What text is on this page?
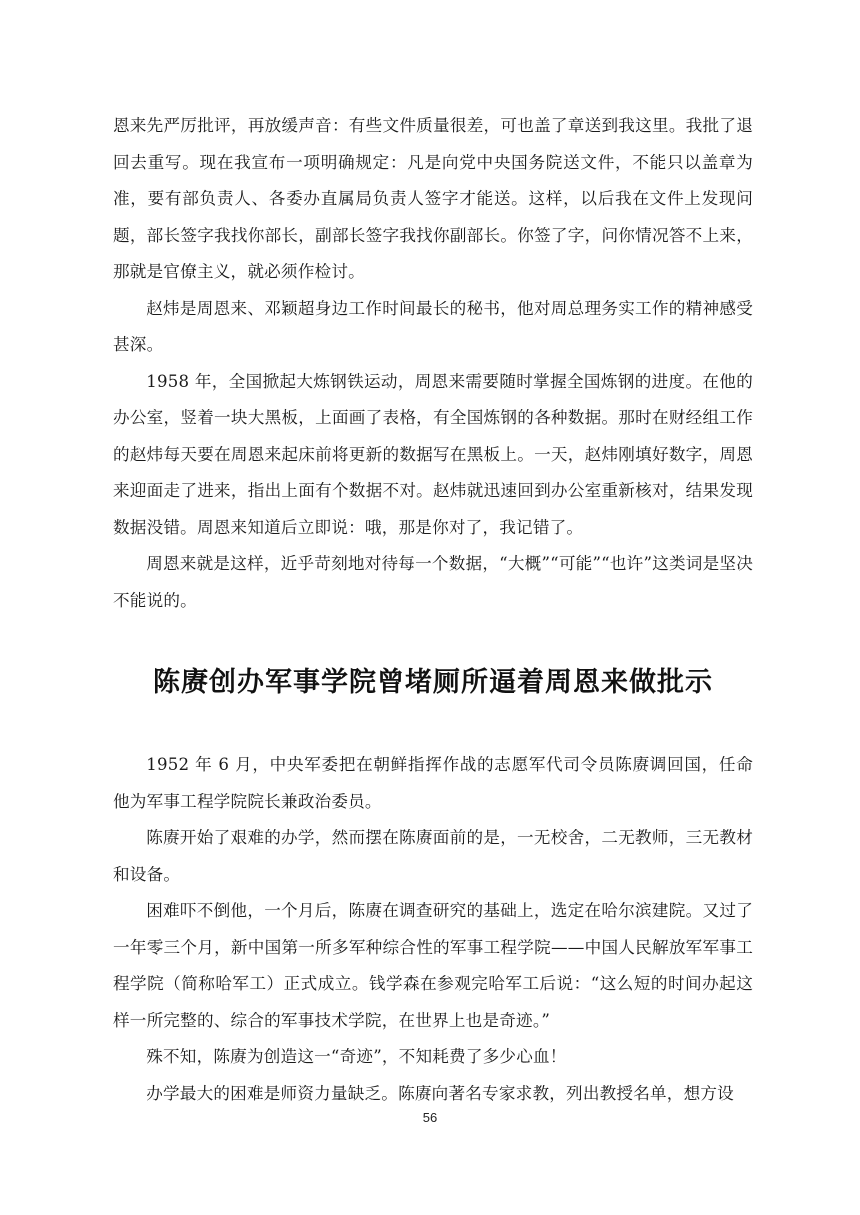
恩来先严厉批评，再放缓声音：有些文件质量很差，可也盖了章送到我这里。我批了退回去重写。现在我宣布一项明确规定：凡是向党中央国务院送文件，不能只以盖章为准，要有部负责人、各委办直属局负责人签字才能送。这样，以后我在文件上发现问题，部长签字我找你部长，副部长签字我找你副部长。你签了字，问你情况答不上来，那就是官僚主义，就必须作检讨。

赵炜是周恩来、邓颖超身边工作时间最长的秘书，他对周总理务实工作的精神感受甚深。

1958 年，全国掀起大炼钢铁运动，周恩来需要随时掌握全国炼钢的进度。在他的办公室，竖着一块大黑板，上面画了表格，有全国炼钢的各种数据。那时在财经组工作的赵炜每天要在周恩来起床前将更新的数据写在黑板上。一天，赵炜刚填好数字，周恩来迎面走了进来，指出上面有个数据不对。赵炜就迅速回到办公室重新核对，结果发现数据没错。周恩来知道后立即说：哦，那是你对了，我记错了。

周恩来就是这样，近乎苛刻地对待每一个数据，“大概”“可能”“也许”这类词是坚决不能说的。

陈赓创办军事学院曾堵厕所逼着周恩来做批示

1952 年 6 月，中央军委把在朝鲜指挥作战的志愿军代司令员陈赓调回国，任命他为军事工程学院院长兼政治委员。

陈赓开始了艰难的办学，然而摆在陈赓面前的是，一无校舍，二无教师，三无教材和设备。

困难吓不倒他，一个月后，陈赓在调查研究的基础上，选定在哈尔滨建院。又过了一年零三个月，新中国第一所多军种综合性的军事工程学院——中国人民解放军军事工程学院（简称哈军工）正式成立。钱学森在参观完哈军工后说：“这么短的时间办起这样一所完整的、综合的军事技术学院，在世界上也是奇迹。”

殊不知，陈赓为创造这一“奇迹”，不知耗费了多少心血！

办学最大的困难是师资力量缺乏。陈赓向著名专家求教，列出教授名单，想方设

56
